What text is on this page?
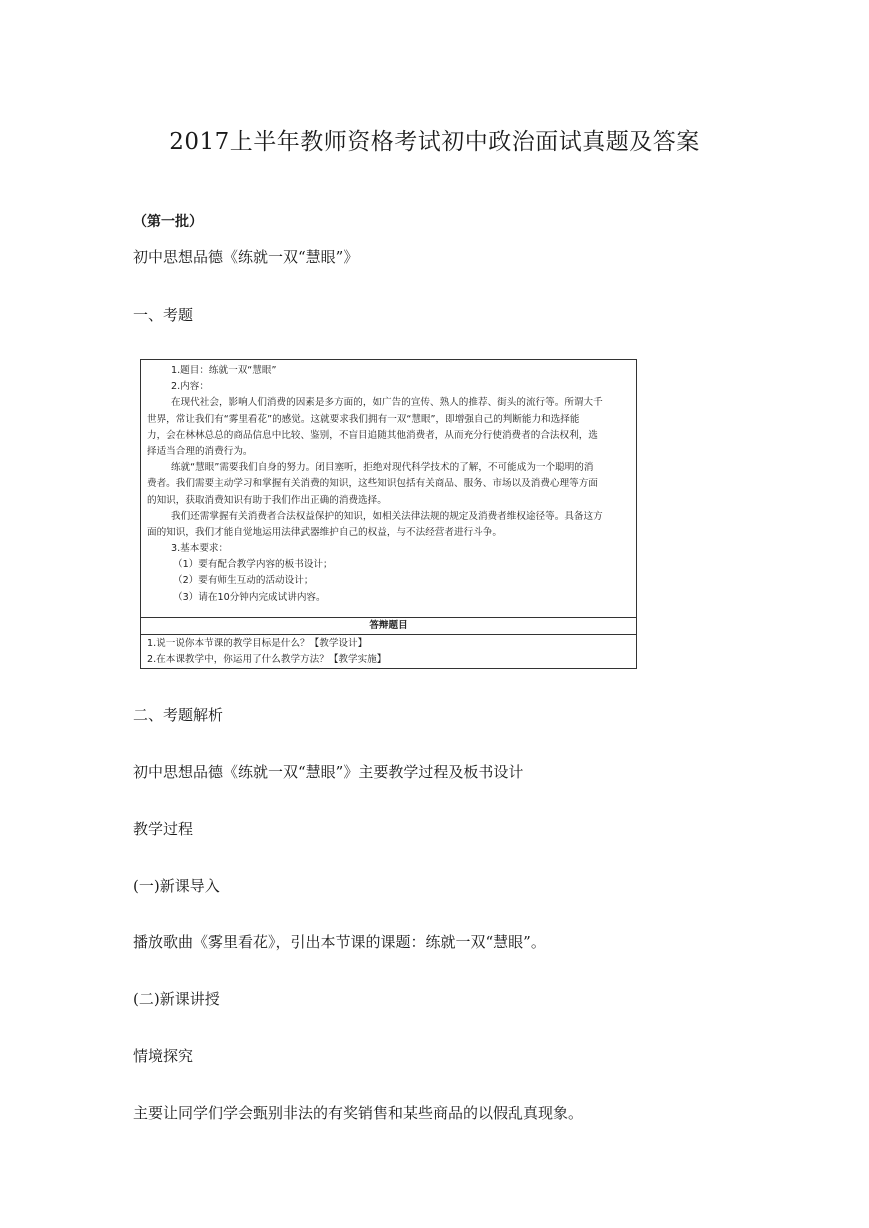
2017上半年教师资格考试初中政治面试真题及答案
（第一批）
初中思想品德《练就一双“慧眼”》
一、考题
1.题目：练就一双“慧眼”
2.内容：
在现代社会，影响人们消费的因素是多方面的，如广告的宣传、熟人的推荐、街头的流行等。所谓大千
世界，常让我们有“雾里看花”的感觉。这就要求我们拥有一双“慧眼”，即增强自己的判断能力和选择能
力，会在林林总总的商品信息中比较、鉴别，不盲目追随其他消费者，从而充分行使消费者的合法权利，选
择适当合理的消费行为。
练就“慧眼”需要我们自身的努力。闭目塞听，拒绝对现代科学技术的了解，不可能成为一个聪明的消
费者。我们需要主动学习和掌握有关消费的知识，这些知识包括有关商品、服务、市场以及消费心理等方面
的知识，获取消费知识有助于我们作出正确的消费选择。
我们还需掌握有关消费者合法权益保护的知识，如相关法律法规的规定及消费者维权途径等。具备这方
面的知识，我们才能自觉地运用法律武器维护自己的权益，与不法经营者进行斗争。
3.基本要求：
（1）要有配合教学内容的板书设计；
（2）要有师生互动的活动设计；
（3）请在10分钟内完成试讲内容。
答辩题目
1.说一说你本节课的教学目标是什么？【教学设计】
2.在本课教学中，你运用了什么教学方法？【教学实施】
二、考题解析
初中思想品德《练就一双“慧眼”》主要教学过程及板书设计
教学过程
(一)新课导入
播放歌曲《雾里看花》，引出本节课的课题：练就一双“慧眼”。
(二)新课讲授
情境探究
主要让同学们学会甄别非法的有奖销售和某些商品的以假乱真现象。
